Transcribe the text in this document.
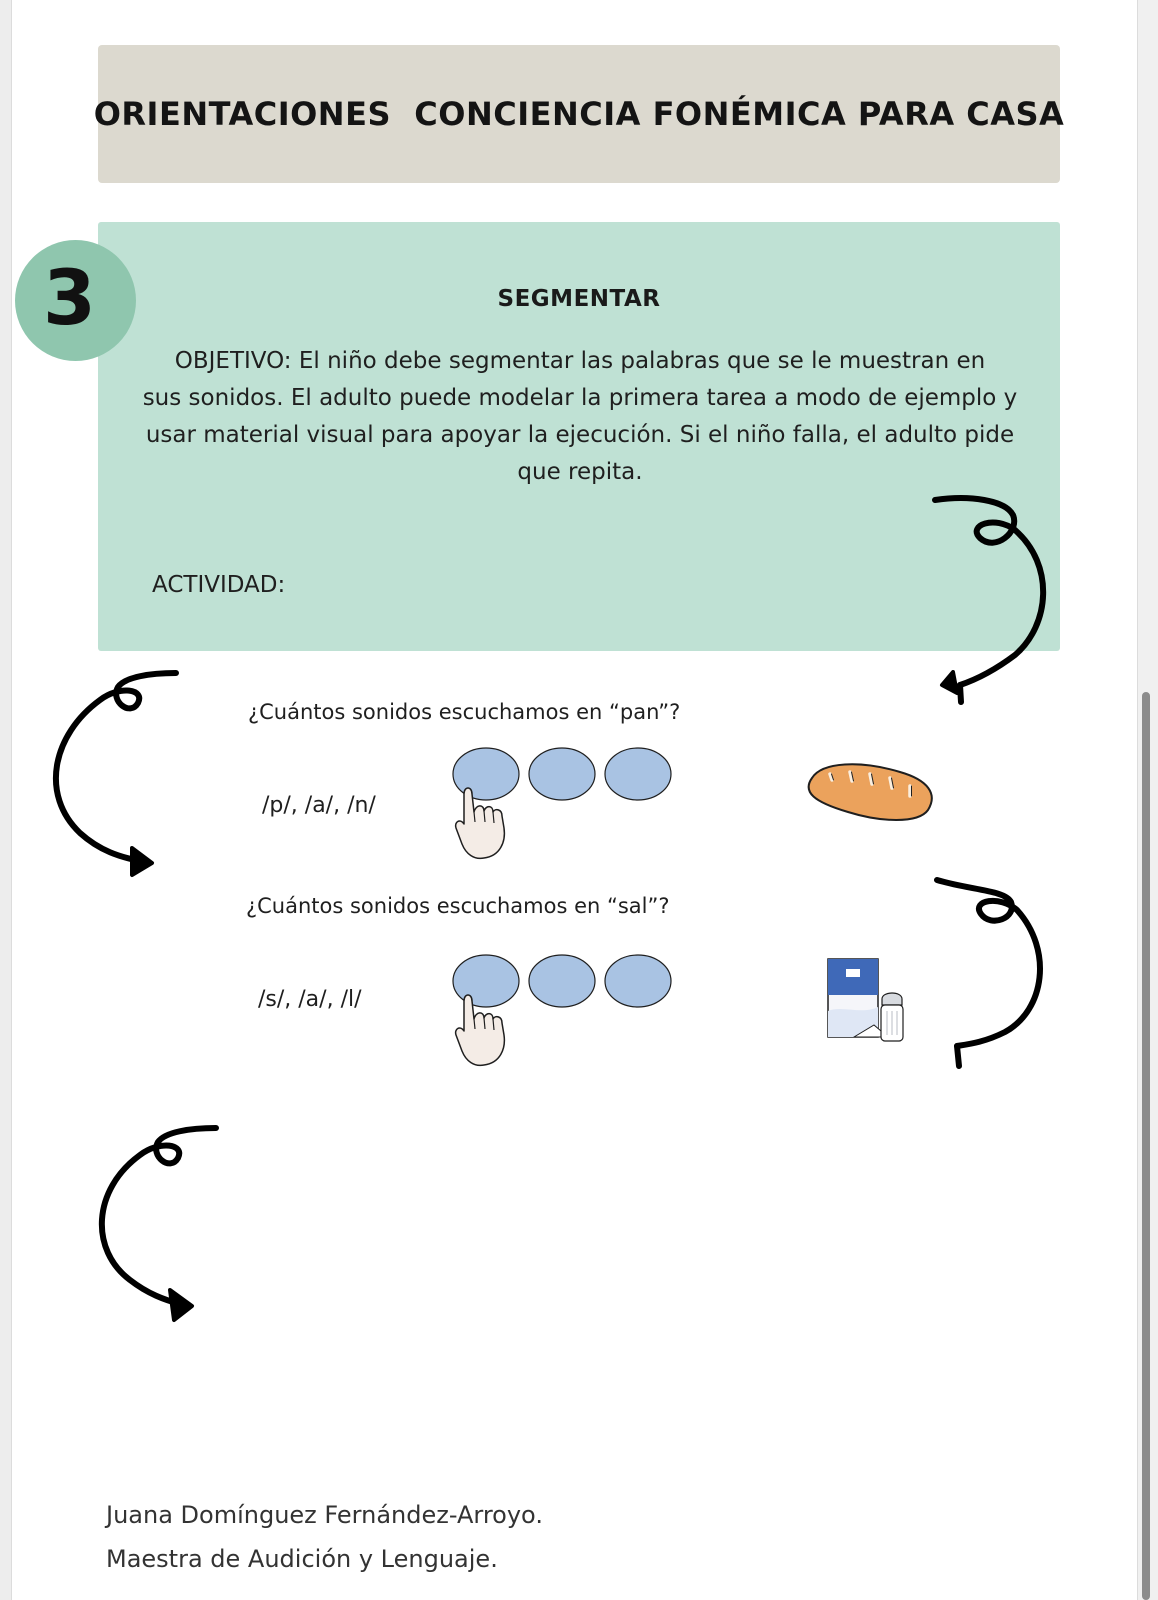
ORIENTACIONES  CONCIENCIA FONÉMICA PARA CASA
3	SEGMENTAR
OBJETIVO: El niño debe segmentar las palabras que se le muestran en
sus sonidos. El adulto puede modelar la primera tarea a modo de ejemplo y
usar material visual para apoyar la ejecución. Si el niño falla, el adulto pide
que repita.
ACTIVIDAD:
¿Cuántos sonidos escuchamos en “pan”?
/p/, /a/, /n/
¿Cuántos sonidos escuchamos en “sal”?
/s/, /a/, /l/
Juana Domínguez Fernández-Arroyo.
Maestra de Audición y Lenguaje.
